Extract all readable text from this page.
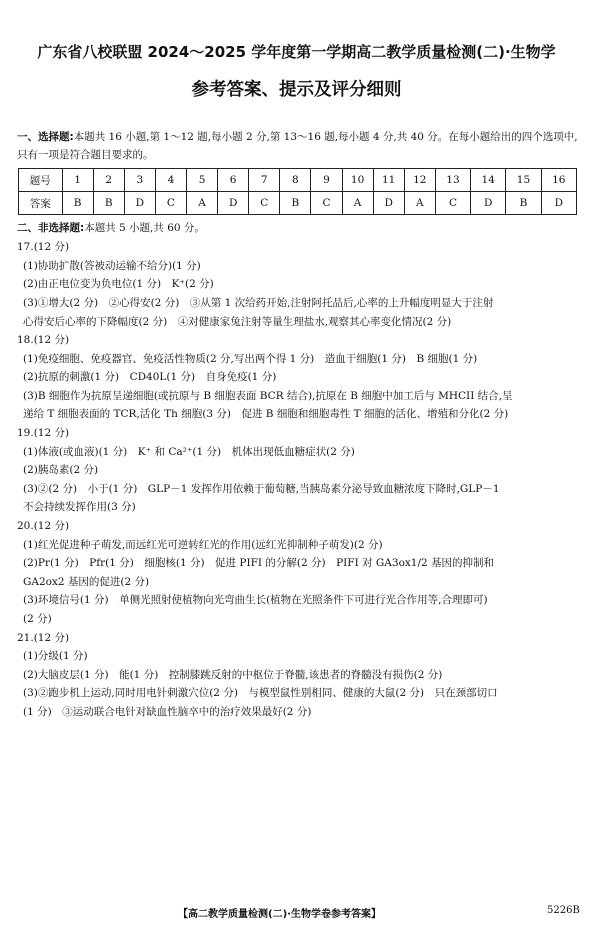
广东省八校联盟 2024～2025 学年度第一学期高二教学质量检测(二)·生物学
参考答案、提示及评分细则
一、选择题:本题共 16 小题,第 1～12 题,每小题 2 分,第 13～16 题,每小题 4 分,共 40 分。在每小题给出的四个选项中,只有一项是符合题目要求的。
题号	1	2	3	4	5	6	7	8	9	10	11	12	13	14	15	16
答案	B	B	D	C	A	D	C	B	C	A	D	A	C	D	B	D
二、非选择题:本题共 5 小题,共 60 分。
17.(12 分)
(1)协助扩散(答被动运输不给分)(1 分)
(2)由正电位变为负电位(1 分)　K⁺(2 分)
(3)①增大(2 分)　②心得安(2 分)　③从第 1 次给药开始,注射阿托品后,心率的上升幅度明显大于注射
心得安后心率的下降幅度(2 分)　④对健康家兔注射等量生理盐水,观察其心率变化情况(2 分)
18.(12 分)
(1)免疫细胞、免疫器官、免疫活性物质(2 分,写出两个得 1 分)　造血干细胞(1 分)　B 细胞(1 分)
(2)抗原的刺激(1 分)　CD40L(1 分)　自身免疫(1 分)
(3)B 细胞作为抗原呈递细胞(或抗原与 B 细胞表面 BCR 结合),抗原在 B 细胞中加工后与 MHCII 结合,呈
递给 T 细胞表面的 TCR,活化 Th 细胞(3 分)　促进 B 细胞和细胞毒性 T 细胞的活化、增殖和分化(2 分)
19.(12 分)
(1)体液(或血液)(1 分)　K⁺ 和 Ca²⁺(1 分)　机体出现低血糖症状(2 分)
(2)胰岛素(2 分)
(3)②(2 分)　小于(1 分)　GLP－1 发挥作用依赖于葡萄糖,当胰岛素分泌导致血糖浓度下降时,GLP－1
不会持续发挥作用(3 分)
20.(12 分)
(1)红光促进种子萌发,而远红光可逆转红光的作用(远红光抑制种子萌发)(2 分)
(2)Pr(1 分)　Pfr(1 分)　细胞核(1 分)　促进 PIFI 的分解(2 分)　PIFI 对 GA3ox1/2 基因的抑制和
GA2ox2 基因的促进(2 分)
(3)环境信号(1 分)　单侧光照射使植物向光弯曲生长(植物在光照条件下可进行光合作用等,合理即可)
(2 分)
21.(12 分)
(1)分级(1 分)
(2)大脑皮层(1 分)　能(1 分)　控制膝跳反射的中枢位于脊髓,该患者的脊髓没有损伤(2 分)
(3)②跑步机上运动,同时用电针刺激穴位(2 分)　与模型鼠性别相同、健康的大鼠(2 分)　只在颈部切口
(1 分)　③运动联合电针对缺血性脑卒中的治疗效果最好(2 分)
【高二教学质量检测(二)·生物学卷参考答案】	5226B
